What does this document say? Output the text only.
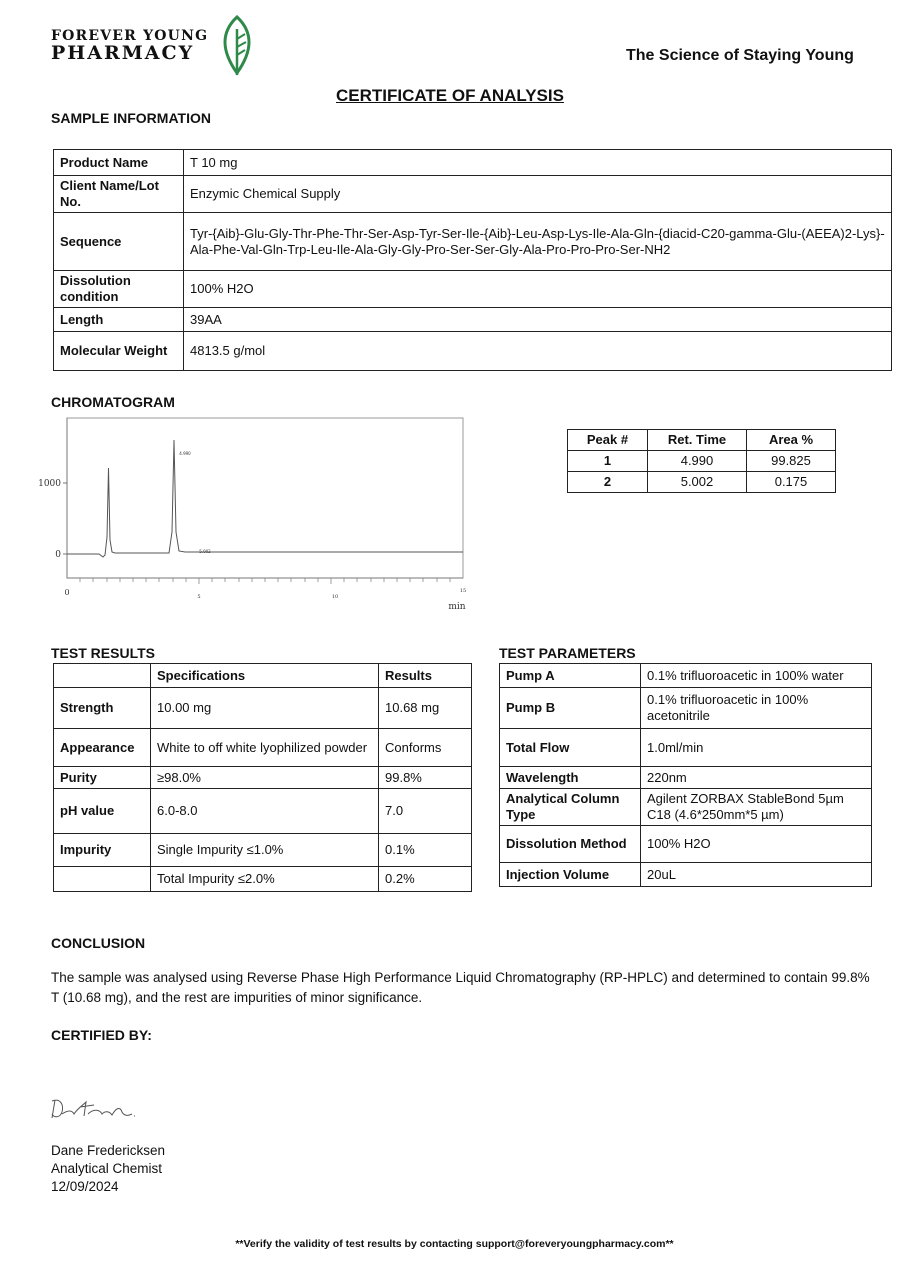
FOREVER YOUNG
PHARMACY	The Science of Staying Young
CERTIFICATE OF ANALYSIS
SAMPLE INFORMATION
Product Name	T 10 mg
Client Name/Lot No.	Enzymic Chemical Supply
Sequence	Tyr-{Aib}-Glu-Gly-Thr-Phe-Thr-Ser-Asp-Tyr-Ser-Ile-{Aib}-Leu-Asp-Lys-Ile-Ala-Gln-{diacid-C20-gamma-Glu-(AEEA)2-Lys}-Ala-Phe-Val-Gln-Trp-Leu-Ile-Ala-Gly-Gly-Pro-Ser-Ser-Gly-Ala-Pro-Pro-Pro-Ser-NH2
Dissolution condition	100% H2O
Length	39AA
Molecular Weight	4813.5 g/mol
CHROMATOGRAM
1000
0
0	5	10
15
min
4.990
5.002
Peak #	Ret. Time	Area %
1	4.990	99.825
2	5.002	0.175
TEST RESULTS
	Specifications	Results
Strength	10.00 mg	10.68 mg
Appearance	White to off white lyophilized powder	Conforms
Purity	≥98.0%	99.8%
pH value	6.0-8.0	7.0
Impurity	Single Impurity ≤1.0%	0.1%
	Total Impurity ≤2.0%	0.2%
TEST PARAMETERS
Pump A	0.1% trifluoroacetic in 100% water
Pump B	0.1% trifluoroacetic in 100% acetonitrile
Total Flow	1.0ml/min
Wavelength	220nm
Analytical Column Type	Agilent ZORBAX StableBond 5µm C18 (4.6*250mm*5 µm)
Dissolution Method	100% H2O
Injection Volume	20uL
CONCLUSION
The sample was analysed using Reverse Phase High Performance Liquid Chromatography (RP-HPLC) and determined to contain 99.8% T (10.68 mg), and the rest are impurities of minor significance.
CERTIFIED BY:
Dane Fredericksen
Analytical Chemist
12/09/2024
**Verify the validity of test results by contacting support@foreveryoungpharmacy.com**
